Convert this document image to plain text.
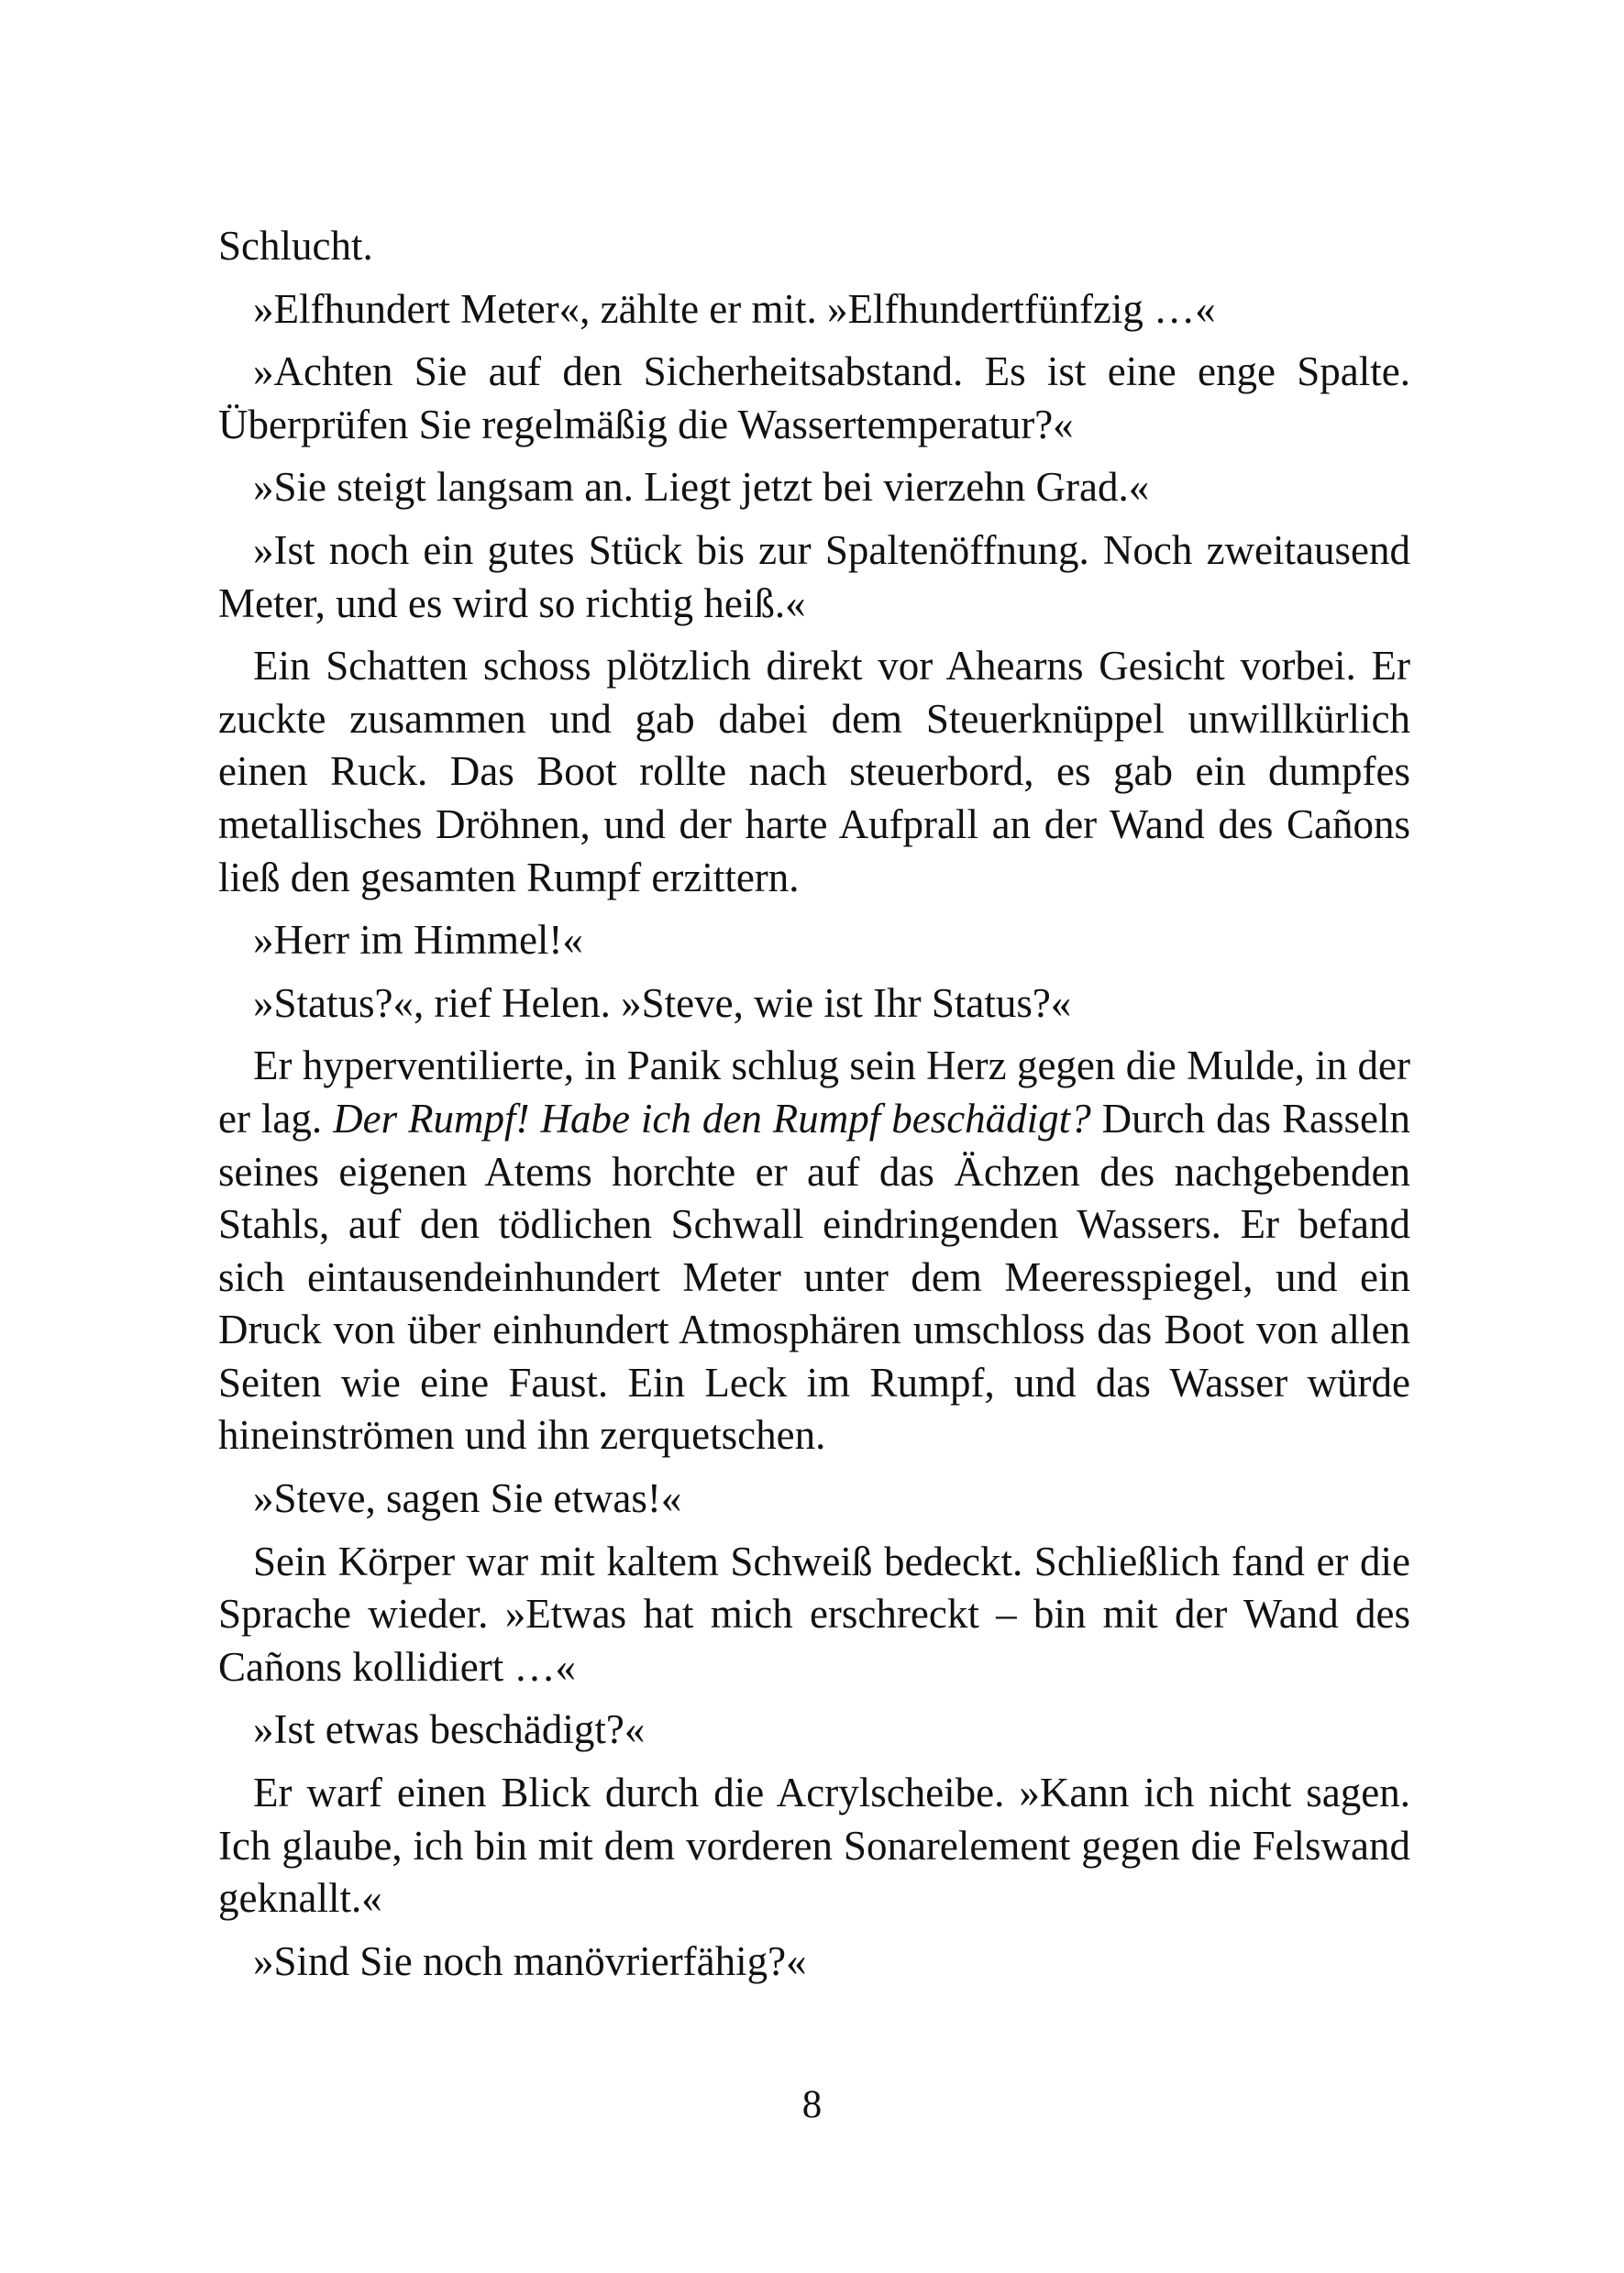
Schlucht.

»Elfhundert Meter«, zählte er mit. »Elfhundertfünfzig …«

»Achten Sie auf den Sicherheitsabstand. Es ist eine enge Spalte. Überprüfen Sie regelmäßig die Wassertemperatur?«

»Sie steigt langsam an. Liegt jetzt bei vierzehn Grad.«

»Ist noch ein gutes Stück bis zur Spaltenöffnung. Noch zweitausend Meter, und es wird so richtig heiß.«

Ein Schatten schoss plötzlich direkt vor Ahearns Gesicht vorbei. Er zuckte zusammen und gab dabei dem Steuerknüppel unwillkürlich einen Ruck. Das Boot rollte nach steuerbord, es gab ein dumpfes metallisches Dröhnen, und der harte Aufprall an der Wand des Cañons ließ den gesamten Rumpf erzittern.

»Herr im Himmel!«

»Status?«, rief Helen. »Steve, wie ist Ihr Status?«

Er hyperventilierte, in Panik schlug sein Herz gegen die Mulde, in der er lag. Der Rumpf! Habe ich den Rumpf beschädigt? Durch das Rasseln seines eigenen Atems horchte er auf das Ächzen des nachgebenden Stahls, auf den tödlichen Schwall eindringenden Wassers. Er befand sich eintausendeinhundert Meter unter dem Meeresspiegel, und ein Druck von über einhundert Atmosphären umschloss das Boot von allen Seiten wie eine Faust. Ein Leck im Rumpf, und das Wasser würde hineinströmen und ihn zerquetschen.

»Steve, sagen Sie etwas!«

Sein Körper war mit kaltem Schweiß bedeckt. Schließlich fand er die Sprache wieder. »Etwas hat mich erschreckt – bin mit der Wand des Cañons kollidiert …«

»Ist etwas beschädigt?«

Er warf einen Blick durch die Acrylscheibe. »Kann ich nicht sagen. Ich glaube, ich bin mit dem vorderen Sonarelement gegen die Felswand geknallt.«

»Sind Sie noch manövrierfähig?«

8
